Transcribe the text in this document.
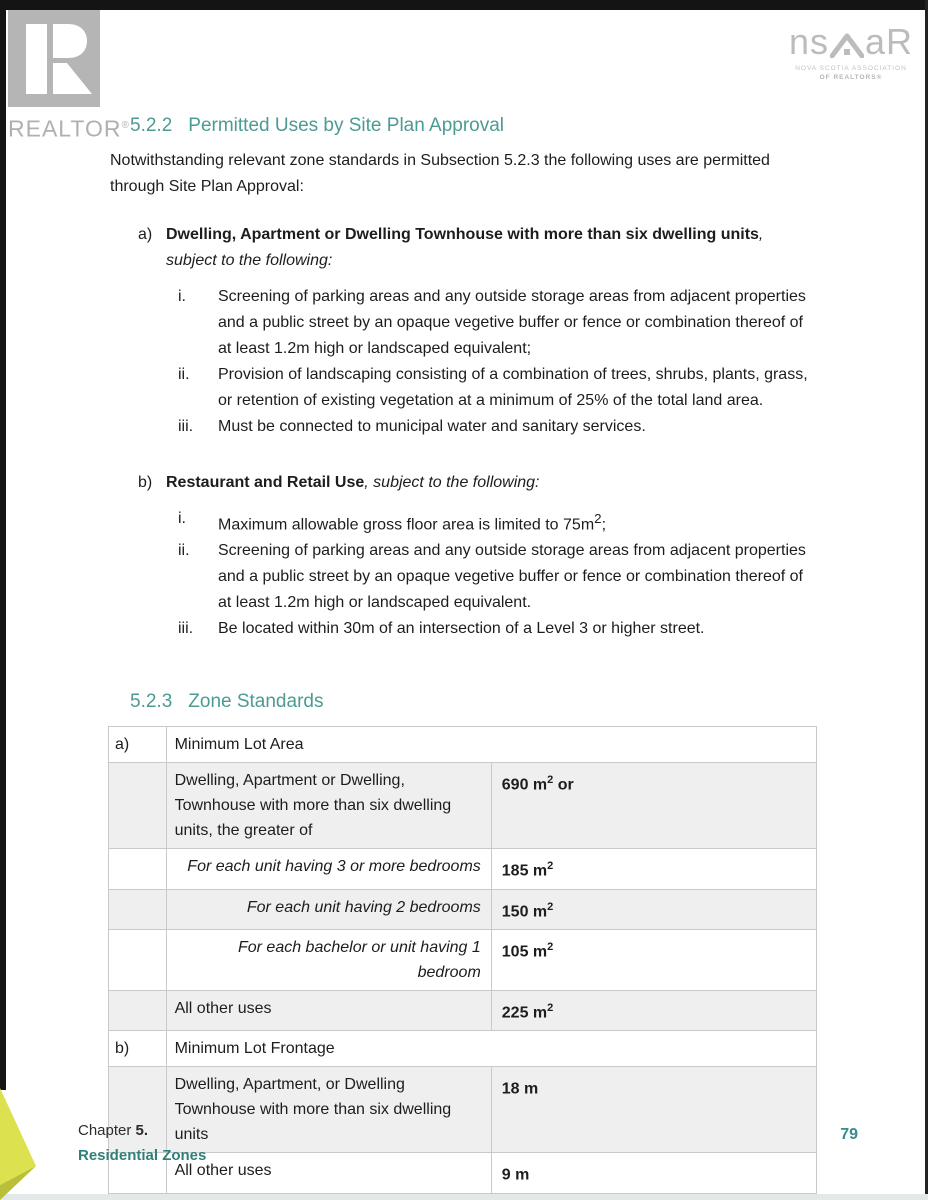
REALTOR®
ns aR
NOVA SCOTIA ASSOCIATION
OF REALTORS®
5.2.2 Permitted Uses by Site Plan Approval

Notwithstanding relevant zone standards in Subsection 5.2.3 the following uses are permitted through Site Plan Approval:

a) Dwelling, Apartment or Dwelling Townhouse with more than six dwelling units, subject to the following:
i.	Screening of parking areas and any outside storage areas from adjacent properties and a public street by an opaque vegetive buffer or fence or combination thereof of at least 1.2m high or landscaped equivalent;
ii.	Provision of landscaping consisting of a combination of trees, shrubs, plants, grass, or retention of existing vegetation at a minimum of 25% of the total land area.
iii.	Must be connected to municipal water and sanitary services.
b) Restaurant and Retail Use, subject to the following:
i.	Maximum allowable gross floor area is limited to $75m^2$;
ii.	Screening of parking areas and any outside storage areas from adjacent properties and a public street by an opaque vegetive buffer or fence or combination thereof of at least 1.2m high or landscaped equivalent.
iii.	Be located within 30m of an intersection of a Level 3 or higher street.
5.2.3 Zone Standards
a)	Minimum Lot Area	
	Dwelling, Apartment or Dwelling, Townhouse with more than six dwelling units, the greater of	690 $m^2$ or
	For each unit having 3 or more bedrooms	185 $m^2$
	For each unit having 2 bedrooms	150 $m^2$
	For each bachelor or unit having 1 bedroom	105 $m^2$
	All other uses	225 $m^2$
b)	Minimum Lot Frontage	
	Dwelling, Apartment, or Dwelling Townhouse with more than six dwelling units	18 m
	All other uses	9 m
Chapter 5.
Residential Zones
79
